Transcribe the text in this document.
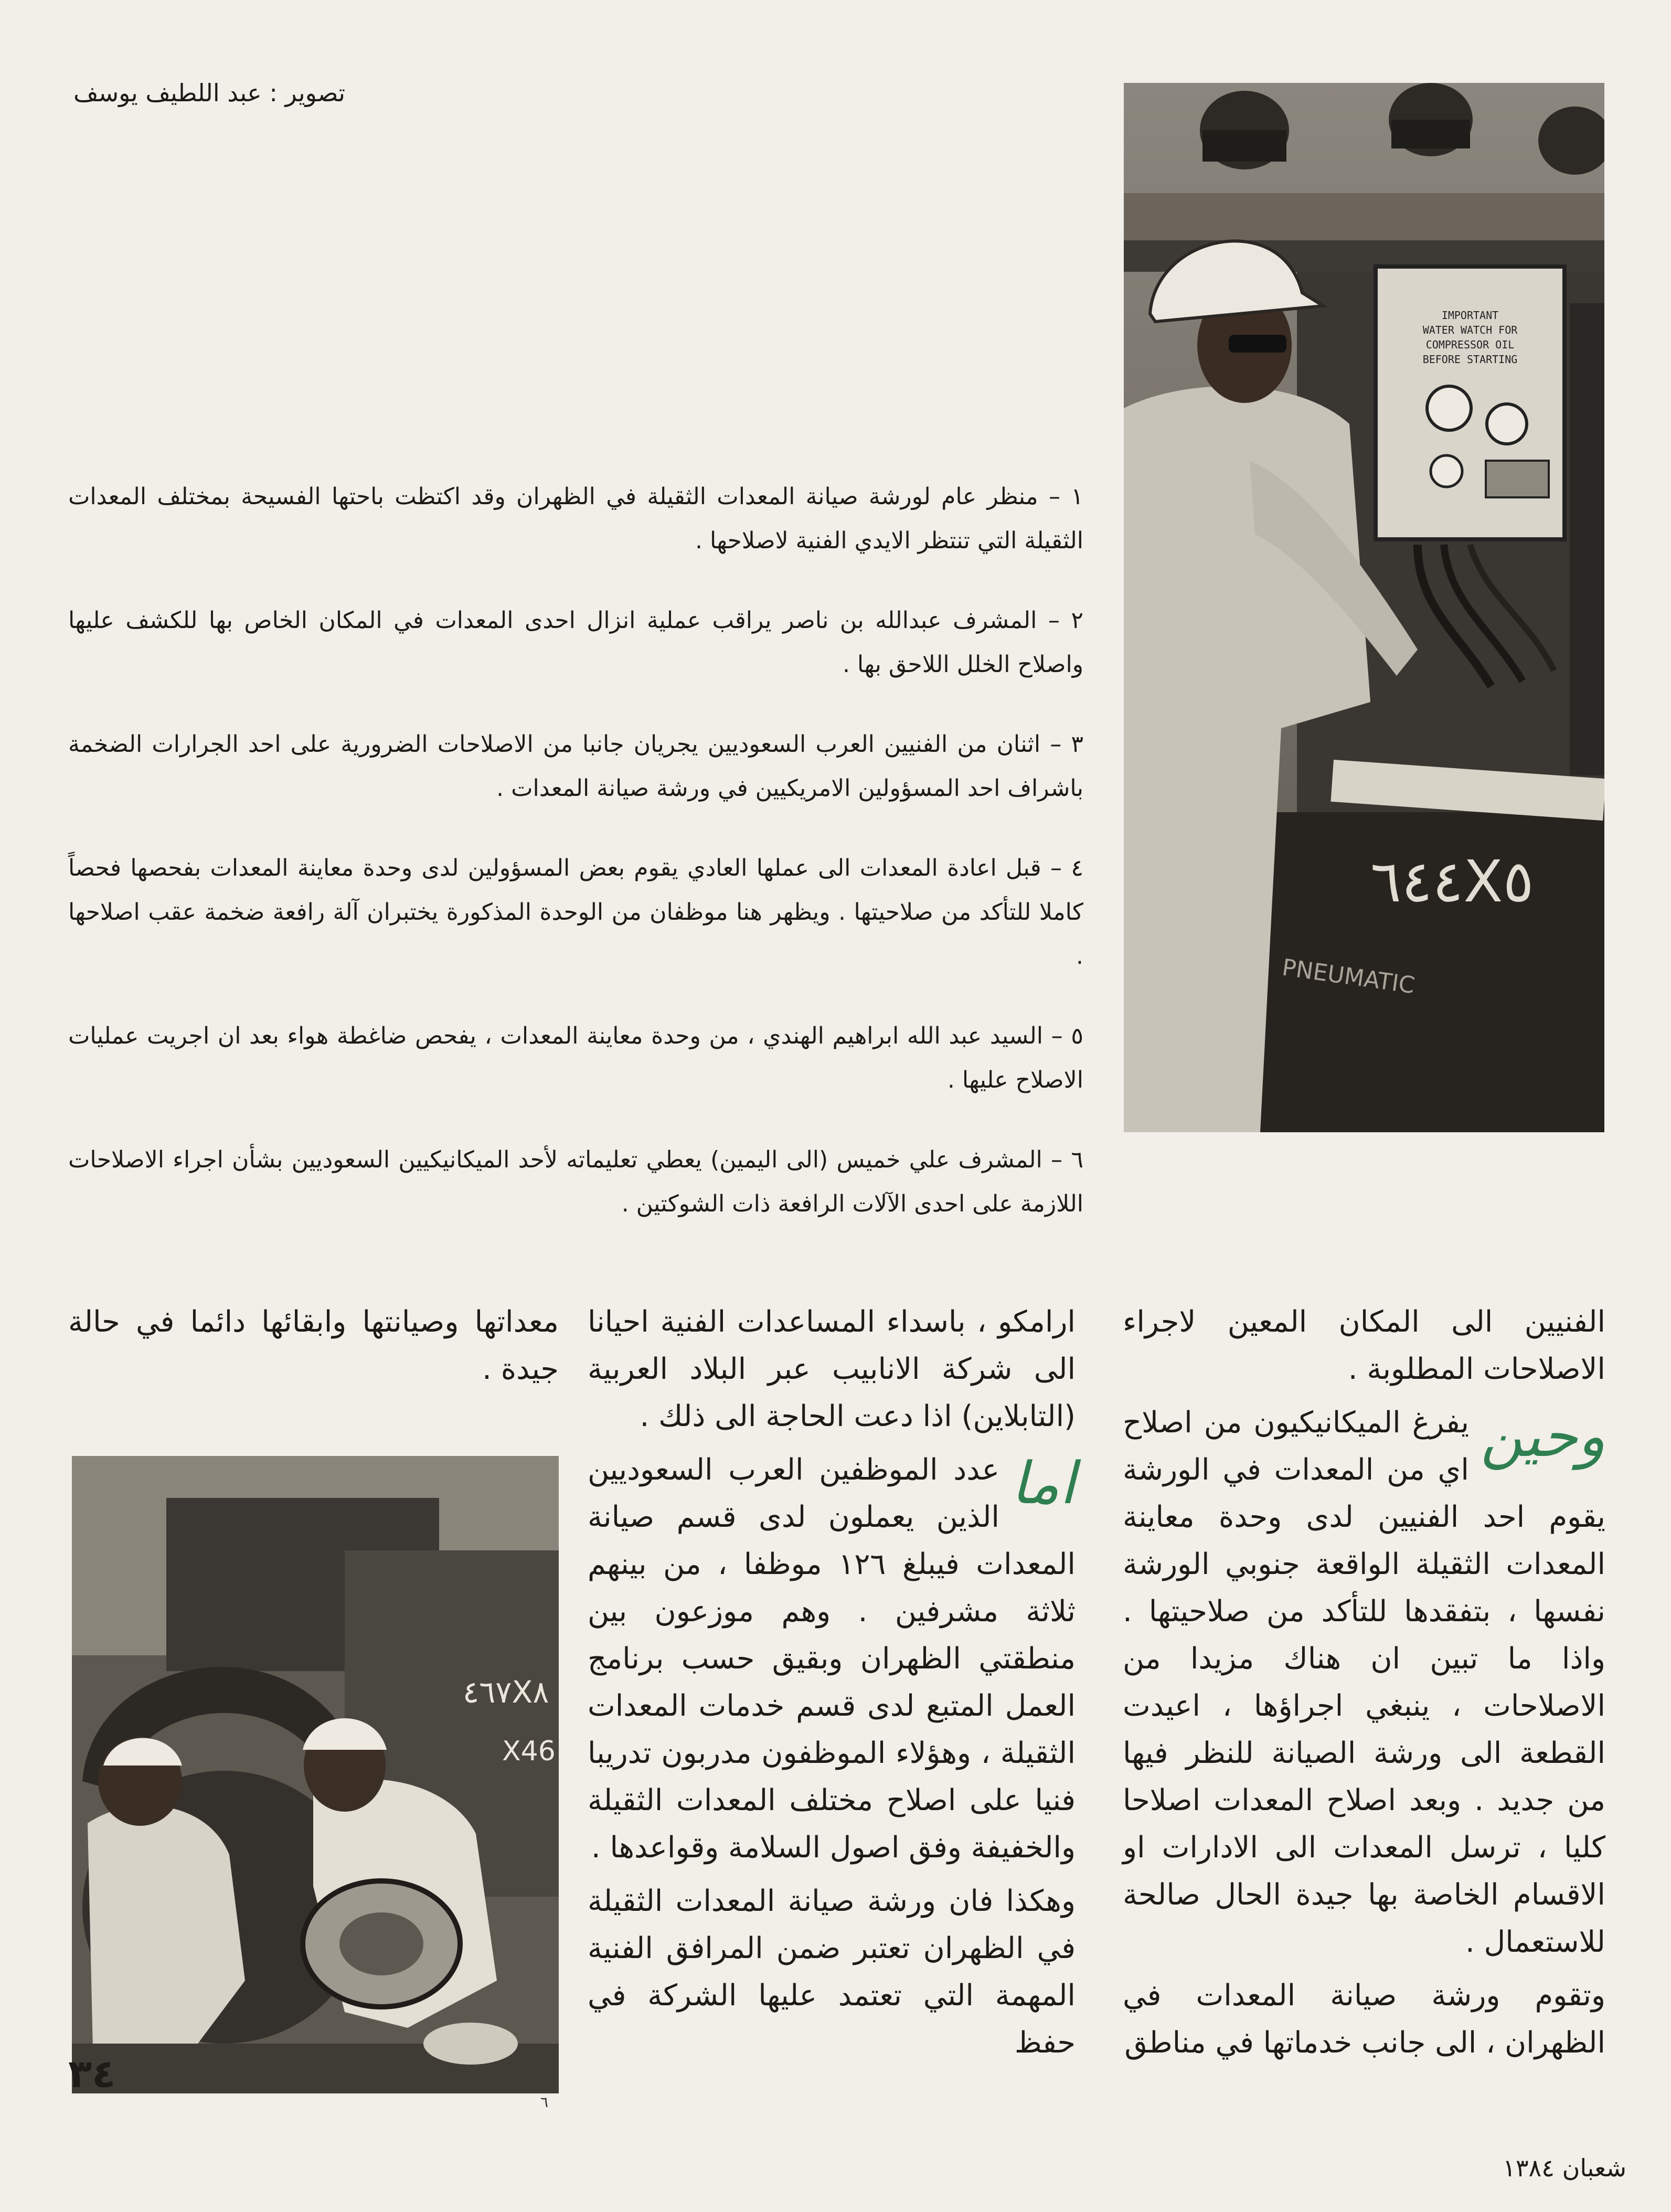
تصوير : عبد اللطيف يوسف

١ – منظر عام لورشة صيانة المعدات الثقيلة في الظهران وقد اكتظت باحتها الفسيحة بمختلف المعدات الثقيلة التي تنتظر الايدي الفنية لاصلاحها .

٢ – المشرف عبدالله بن ناصر يراقب عملية انزال احدى المعدات في المكان الخاص بها للكشف عليها واصلاح الخلل اللاحق بها .

٣ – اثنان من الفنيين العرب السعوديين يجريان جانبا من الاصلاحات الضرورية على احد الجرارات الضخمة باشراف احد المسؤولين الامريكيين في ورشة صيانة المعدات .

٤ – قبل اعادة المعدات الى عملها العادي يقوم بعض المسؤولين لدى وحدة معاينة المعدات بفحصها فحصاً كاملا للتأكد من صلاحيتها . ويظهر هنا موظفان من الوحدة المذكورة يختبران آلة رافعة ضخمة عقب اصلاحها .

٥ – السيد عبد الله ابراهيم الهندي ، من وحدة معاينة المعدات ، يفحص ضاغطة هواء بعد ان اجريت عمليات الاصلاح عليها .

٦ – المشرف علي خميس (الى اليمين) يعطي تعليماته لأحد الميكانيكيين السعوديين بشأن اجراء الاصلاحات اللازمة على احدى الآلات الرافعة ذات الشوكتين .

IMPORTANT
WATER WATCH FOR
COMPRESSOR OIL
BEFORE STARTING
٦٤٤X٥
PNEUMATIC
٤٦٧X٨
X46
٦

الفنيين الى المكان المعين لاجراء الاصلاحات المطلوبة .

وحين
يفرغ الميكانيكيون من اصلاح اي من المعدات في الورشة يقوم احد الفنيين لدى وحدة معاينة المعدات الثقيلة الواقعة جنوبي الورشة نفسها ، بتفقدها للتأكد من صلاحيتها . واذا ما تبين ان هناك مزيدا من الاصلاحات ، ينبغي اجراؤها ، اعيدت القطعة الى ورشة الصيانة للنظر فيها من جديد . وبعد اصلاح المعدات اصلاحا كليا ، ترسل المعدات الى الادارات او الاقسام الخاصة بها جيدة الحال صالحة للاستعمال .

وتقوم ورشة صيانة المعدات في الظهران ، الى جانب خدماتها في مناطق

ارامكو ، باسداء المساعدات الفنية احيانا الى شركة الانابيب عبر البلاد العربية (التابلاين) اذا دعت الحاجة الى ذلك .

اما
عدد الموظفين العرب السعوديين الذين يعملون لدى قسم صيانة المعدات فيبلغ ١٢٦ موظفا ، من بينهم ثلاثة مشرفين . وهم موزعون بين منطقتي الظهران وبقيق حسب برنامج العمل المتبع لدى قسم خدمات المعدات الثقيلة ، وهؤلاء الموظفون مدربون تدريبا فنيا على اصلاح مختلف المعدات الثقيلة والخفيفة وفق اصول السلامة وقواعدها .

وهكذا فان ورشة صيانة المعدات الثقيلة في الظهران تعتبر ضمن المرافق الفنية المهمة التي تعتمد عليها الشركة في حفظ

معداتها وصيانتها وابقائها دائما في حالة جيدة .

٣٤
شعبان ١٣٨٤
